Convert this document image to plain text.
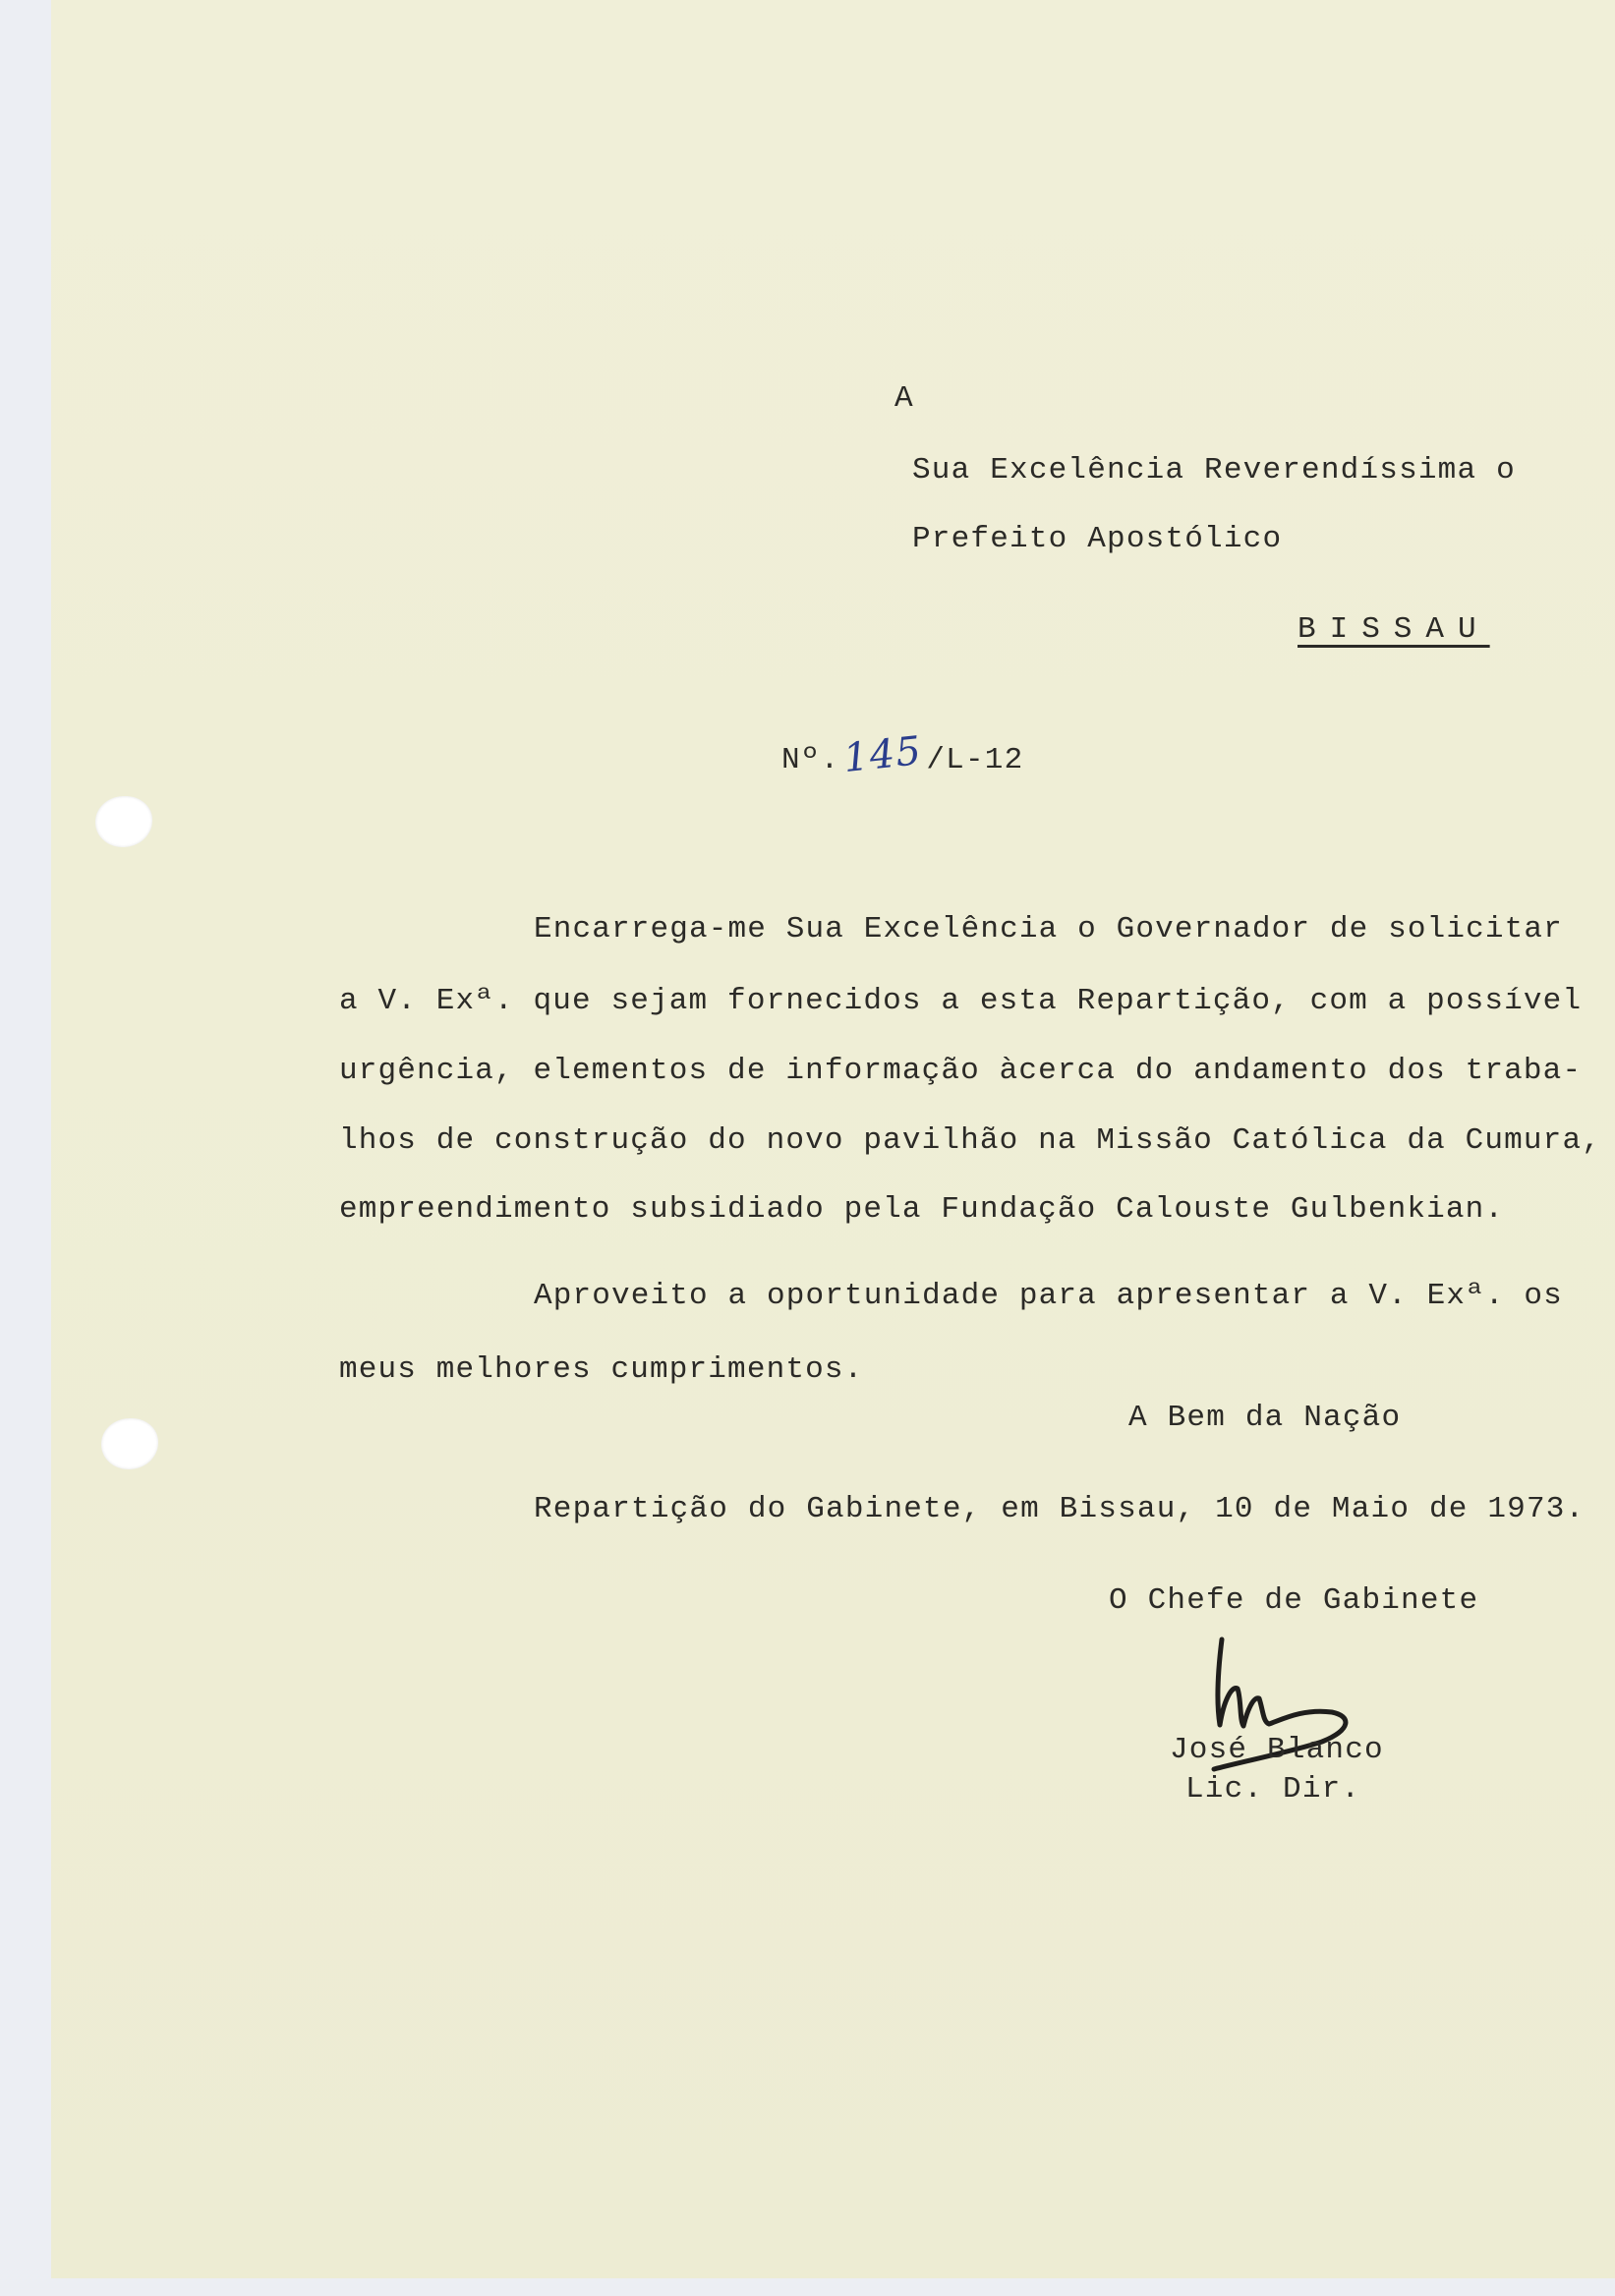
A
Sua Excelência Reverendíssima o
Prefeito Apostólico
BISSAU
Nº. 145 /L-12
Encarrega-me Sua Excelência o Governador de solicitar
a V. Exª. que sejam fornecidos a esta Repartição, com a possível
urgência, elementos de informação àcerca do andamento dos traba-
lhos de construção do novo pavilhão na Missão Católica da Cumura,
empreendimento subsidiado pela Fundação Calouste Gulbenkian.
Aproveito a oportunidade para apresentar a V. Exª. os
meus melhores cumprimentos.
A Bem da Nação
Repartição do Gabinete, em Bissau, 10 de Maio de 1973.
O Chefe de Gabinete
José Blanco
Lic. Dir.
